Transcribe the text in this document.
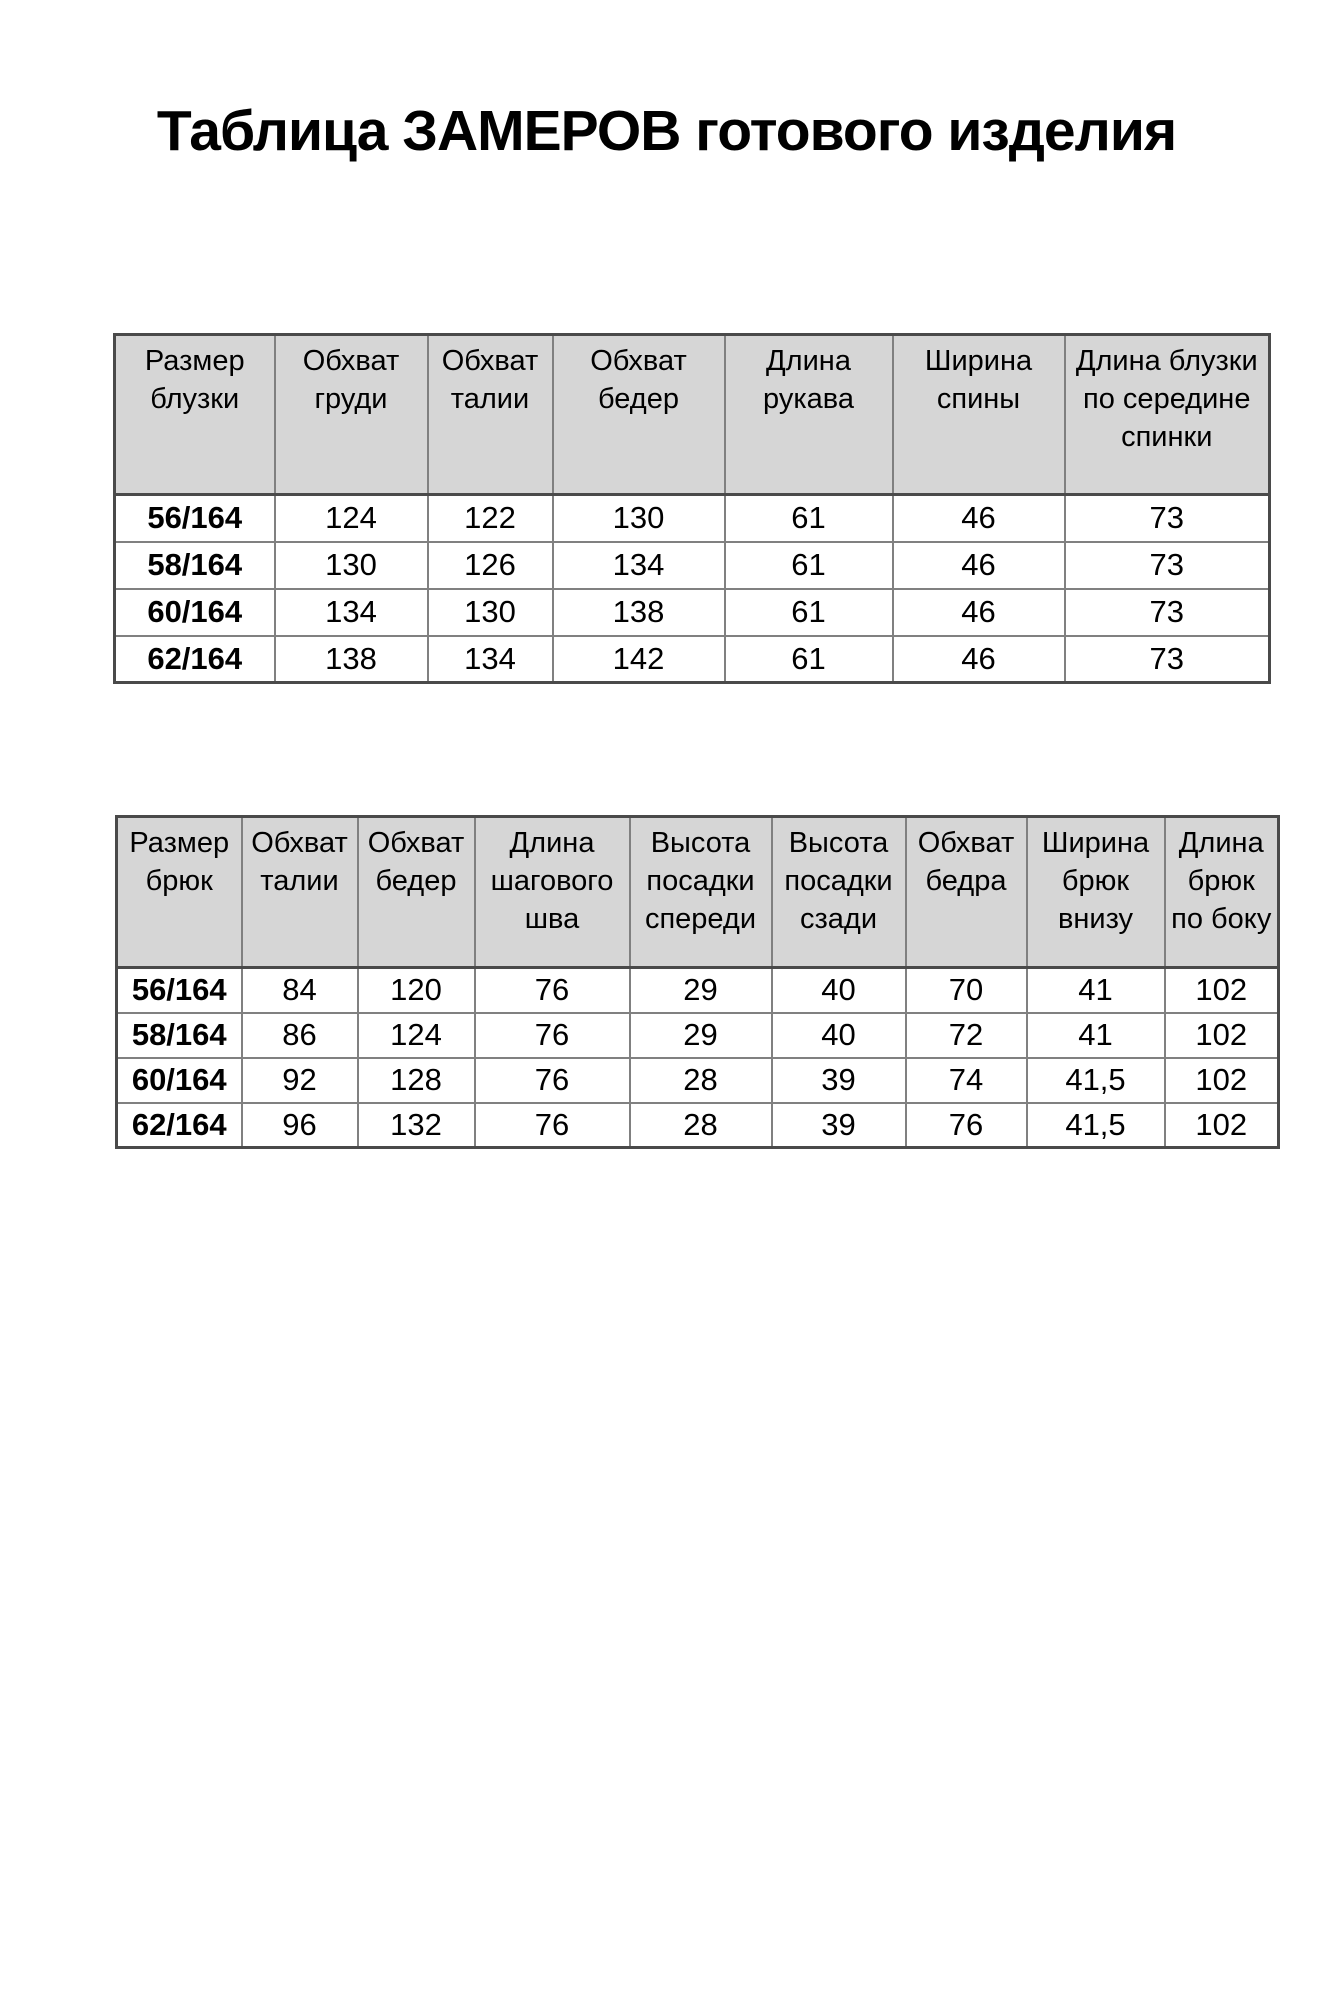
Таблица ЗАМЕРОВ готового изделия
Размер блузки	Обхват груди	Обхват талии	Обхват бедер	Длина рукава	Ширина спины	Длина блузки по середине спинки
56/164	124	122	130	61	46	73
58/164	130	126	134	61	46	73
60/164	134	130	138	61	46	73
62/164	138	134	142	61	46	73
Размер брюк	Обхват талии	Обхват бедер	Длина шагового шва	Высота посадки спереди	Высота посадки сзади	Обхват бедра	Ширина брюк внизу	Длина брюк по боку
56/164	84	120	76	29	40	70	41	102
58/164	86	124	76	29	40	72	41	102
60/164	92	128	76	28	39	74	41,5	102
62/164	96	132	76	28	39	76	41,5	102
